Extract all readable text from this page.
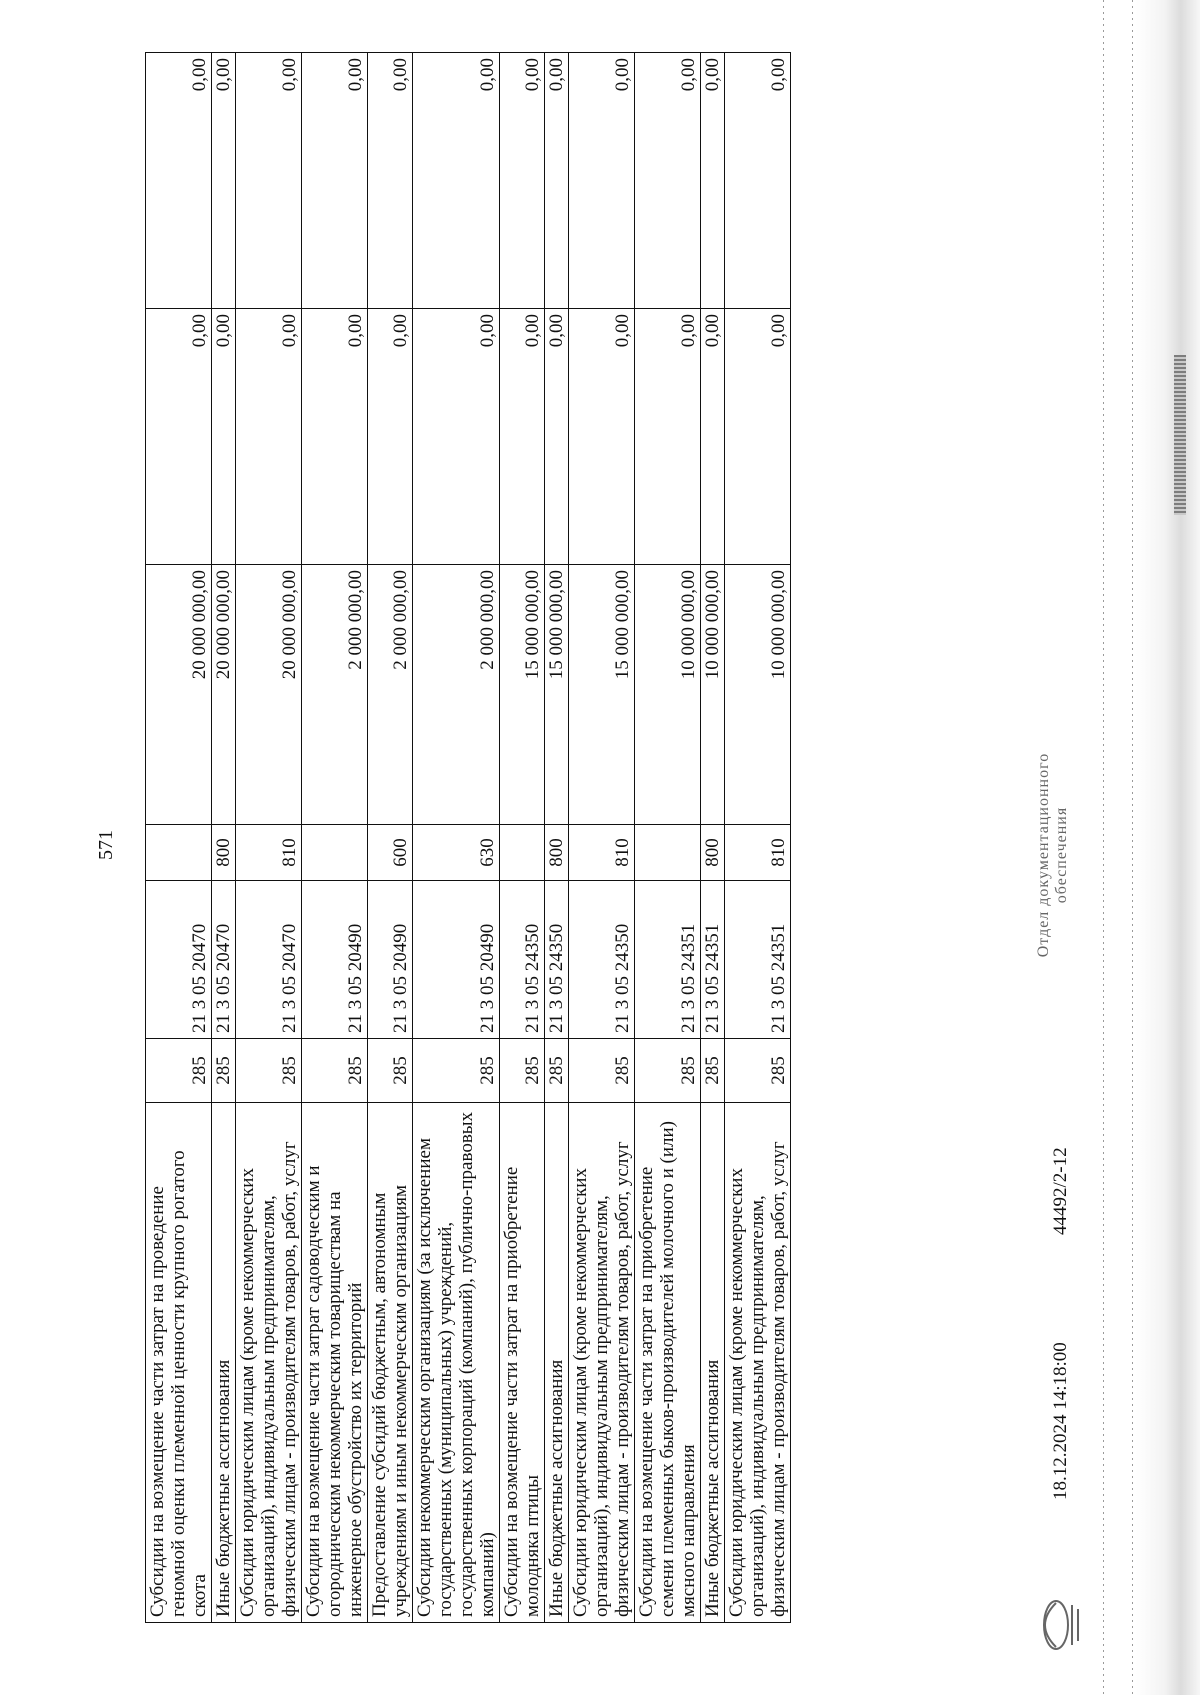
571
Субсидии на возмещение части затрат на проведение геномной оценки племенной ценности крупного рогатого скота	285	21 3 05 20470		20 000 000,00	0,00	0,00
Иные бюджетные ассигнования	285	21 3 05 20470	800	20 000 000,00	0,00	0,00
Субсидии юридическим лицам (кроме некоммерческих организаций), индивидуальным предпринимателям, физическим лицам - производителям товаров, работ, услуг	285	21 3 05 20470	810	20 000 000,00	0,00	0,00
Субсидии на возмещение части затрат садоводческим и огородническим некоммерческим товариществам на инженерное обустройство их территорий	285	21 3 05 20490		2 000 000,00	0,00	0,00
Предоставление субсидий бюджетным, автономным учреждениям и иным некоммерческим организациям	285	21 3 05 20490	600	2 000 000,00	0,00	0,00
Субсидии некоммерческим организациям (за исключением государственных (муниципальных) учреждений, государственных корпораций (компаний), публично-правовых компаний)	285	21 3 05 20490	630	2 000 000,00	0,00	0,00
Субсидии на возмещение части затрат на приобретение молодняка птицы	285	21 3 05 24350		15 000 000,00	0,00	0,00
Иные бюджетные ассигнования	285	21 3 05 24350	800	15 000 000,00	0,00	0,00
Субсидии юридическим лицам (кроме некоммерческих организаций), индивидуальным предпринимателям, физическим лицам - производителям товаров, работ, услуг	285	21 3 05 24350	810	15 000 000,00	0,00	0,00
Субсидии на возмещение части затрат на приобретение семени племенных быков-производителей молочного и (или) мясного направления	285	21 3 05 24351		10 000 000,00	0,00	0,00
Иные бюджетные ассигнования	285	21 3 05 24351	800	10 000 000,00	0,00	0,00
Субсидии юридическим лицам (кроме некоммерческих организаций), индивидуальным предпринимателям, физическим лицам - производителям товаров, работ, услуг	285	21 3 05 24351	810	10 000 000,00	0,00	0,00
18.12.2024 14:18:00
44492/2-12
Отдел документационного обеспечения
